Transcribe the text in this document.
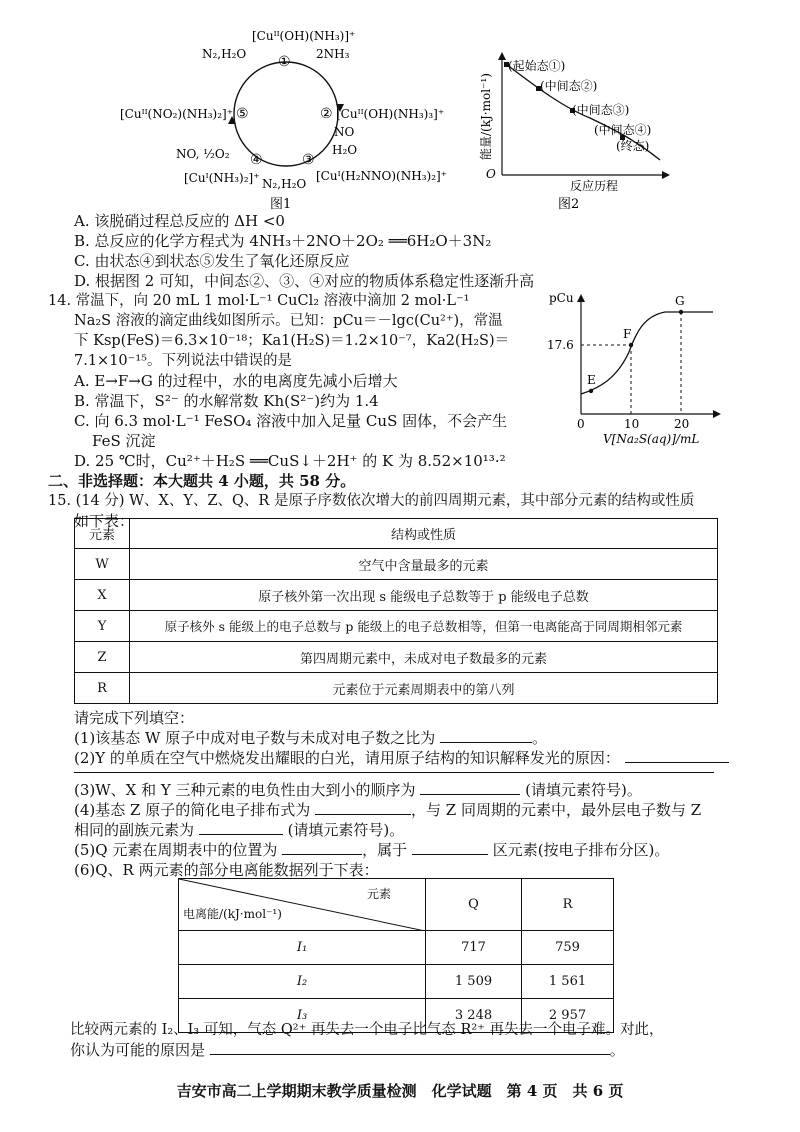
[Cuᴵᴵ(OH)(NH₃)]⁺
N₂,H₂O	2NH₃
①
② [Cuᴵᴵ(OH)(NH₃)₃]⁺
NO
⑤
[Cuᴵᴵ(NO₂)(NH₃)₂]⁺
H₂O
NO, ½O₂ ④	③
[Cuᴵ(NH₃)₂]⁺	[Cuᴵ(H₂NNO)(NH₃)₂]⁺
N₂,H₂O
图1
能量/(kJ·mol⁻¹)
(起始态①)
(中间态②)
(中间态③)
(中间态④)
(终态)
O
反应历程
图2
A. 该脱硝过程总反应的 ΔH <0
B. 总反应的化学方程式为 4NH₃＋2NO＋2O₂ ══6H₂O＋3N₂
C. 由状态④到状态⑤发生了氧化还原反应
D. 根据图 2 可知，中间态②、③、④对应的物质体系稳定性逐渐升高
14. 常温下，向 20 mL 1 mol·L⁻¹ CuCl₂ 溶液中滴加 2 mol·L⁻¹
Na₂S 溶液的滴定曲线如图所示。已知：pCu＝－lgc(Cu²⁺)，常温
下 Ksp(FeS)＝6.3×10⁻¹⁸；Ka1(H₂S)＝1.2×10⁻⁷，Ka2(H₂S)＝
7.1×10⁻¹⁵。下列说法中错误的是
A. E→F→G 的过程中，水的电离度先减小后增大
B. 常温下，S²⁻ 的水解常数 Kh(S²⁻)约为 1.4
C. 向 6.3 mol·L⁻¹ FeSO₄ 溶液中加入足量 CuS 固体，不会产生
FeS 沉淀
D. 25 ℃时，Cu²⁺＋H₂S ══CuS↓＋2H⁺ 的 K 为 8.52×10¹³·²
pCu
17.6
E
F
G
0	10	20
V[Na₂S(aq)]/mL
二、非选择题：本大题共 4 小题，共 58 分。
15. (14 分) W、X、Y、Z、Q、R 是原子序数依次增大的前四周期元素，其中部分元素的结构或性质
如下表：
元素	结构或性质
W	空气中含量最多的元素
X	原子核外第一次出现 s 能级电子总数等于 p 能级电子总数
Y	原子核外 s 能级上的电子总数与 p 能级上的电子总数相等，但第一电离能高于同周期相邻元素
Z	第四周期元素中，未成对电子数最多的元素
R	元素位于元素周期表中的第八列
请完成下列填空：
(1)该基态 W 原子中成对电子数与未成对电子数之比为	。
(2)Y 的单质在空气中燃烧发出耀眼的白光，请用原子结构的知识解释发光的原因：
(3)W、X 和 Y 三种元素的电负性由大到小的顺序为	(请填元素符号)。
(4)基态 Z 原子的简化电子排布式为	，与 Z 同周期的元素中，最外层电子数与 Z
相同的副族元素为	(请填元素符号)。
(5)Q 元素在周期表中的位置为	，属于	区元素(按电子排布分区)。
(6)Q、R 两元素的部分电离能数据列于下表：
元素
电离能/(kJ·mol⁻¹)	Q	R
I₁	717	759
I₂	1 509	1 561
I₃	3 248	2 957
比较两元素的 I₂、I₃ 可知，气态 Q²⁺ 再失去一个电子比气态 R²⁺ 再失去一个电子难。对此，
你认为可能的原因是	。
吉安市高二上学期期末教学质量检测　化学试题　第 4 页　共 6 页
